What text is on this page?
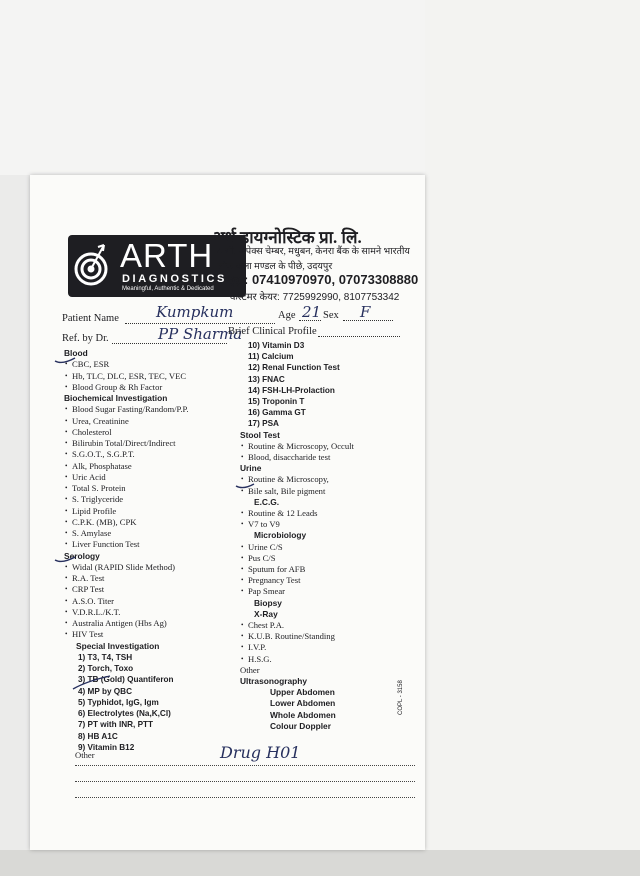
ARTH
DIAGNOSTICS
Meaningful, Authentic & Dedicated
अर्थ डायग्नोस्टिक प्रा. लि.
4-सी, अपेक्स चेम्बर, मधुबन, केनरा बैंक के सामने भारतीय लोक कला मण्डल के पीछे, उदयपुर
ⓒ : 07410970970, 07073308880
कस्टमर केयर: 7725992990, 8107753342
Patient Name Kumpkum	Age 21 Sex F
Ref. by Dr.	PP Sharma
Brief Clinical Profile
Blood
• CBC, ESR
• Hb, TLC, DLC, ESR, TEC, VEC
• Blood Group & Rh Factor
Biochemical Investigation
• Blood Sugar Fasting/Random/P.P.
• Urea, Creatinine
• Cholesterol
• Bilirubin Total/Direct/Indirect
• S.G.O.T., S.G.P.T.
• Alk, Phosphatase
• Uric Acid
• Total S. Protein
• S. Triglyceride
• Lipid Profile
• C.P.K. (MB), CPK
• S. Amylase
• Liver Function Test
Serology
• Widal (RAPID Slide Method)
• R.A. Test
• CRP Test
• A.S.O. Titer
• V.D.R.L./K.T.
• Australia Antigen (Hbs Ag)
• HIV Test
Special Investigation
1) T3, T4, TSH
2) Torch, Toxo
3) TB (Gold) Quantiferon
4) MP by QBC
5) Typhidot, IgG, Igm
6) Electrolytes (Na,K,Cl)
7) PT with INR, PTT
8) HB A1C
9) Vitamin B12
10) Vitamin D3
11) Calcium
12) Renal Function Test
13) FNAC
14) FSH-LH-Prolaction
15) Troponin T
16) Gamma GT
17) PSA
Stool Test
• Routine & Microscopy, Occult
• Blood, disaccharide test
Urine
• Routine & Microscopy,
• Bile salt, Bile pigment
E.C.G.
• Routine & 12 Leads
• V7 to V9
Microbiology
• Urine C/S
• Pus C/S
• Sputum for AFB
• Pregnancy Test
• Pap Smear
Biopsy
X-Ray
• Chest P.A.
• K.U.B. Routine/Standing
• I.V.P.
• H.S.G.
Other
Ultrasonography
Upper Abdomen
Lower Abdomen
Whole Abdomen
Colour Doppler
Other	Drug H01
COPL - 3158
